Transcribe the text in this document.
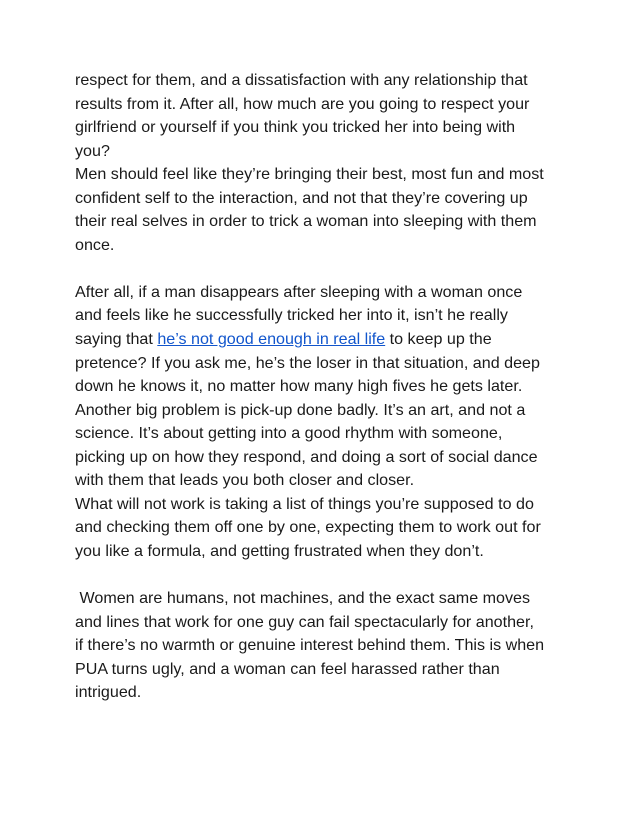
respect for them, and a dissatisfaction with any relationship that
results from it. After all, how much are you going to respect your
girlfriend or yourself if you think you tricked her into being with
you?
Men should feel like they’re bringing their best, most fun and most
confident self to the interaction, and not that they’re covering up
their real selves in order to trick a woman into sleeping with them
once.
After all, if a man disappears after sleeping with a woman once
and feels like he successfully tricked her into it, isn’t he really
saying that he’s not good enough in real life to keep up the
pretence? If you ask me, he’s the loser in that situation, and deep
down he knows it, no matter how many high fives he gets later.
Another big problem is pick-up done badly. It’s an art, and not a
science. It’s about getting into a good rhythm with someone,
picking up on how they respond, and doing a sort of social dance
with them that leads you both closer and closer.
What will not work is taking a list of things you’re supposed to do
and checking them off one by one, expecting them to work out for
you like a formula, and getting frustrated when they don’t.
Women are humans, not machines, and the exact same moves
and lines that work for one guy can fail spectacularly for another,
if there’s no warmth or genuine interest behind them. This is when
PUA turns ugly, and a woman can feel harassed rather than
intrigued.
